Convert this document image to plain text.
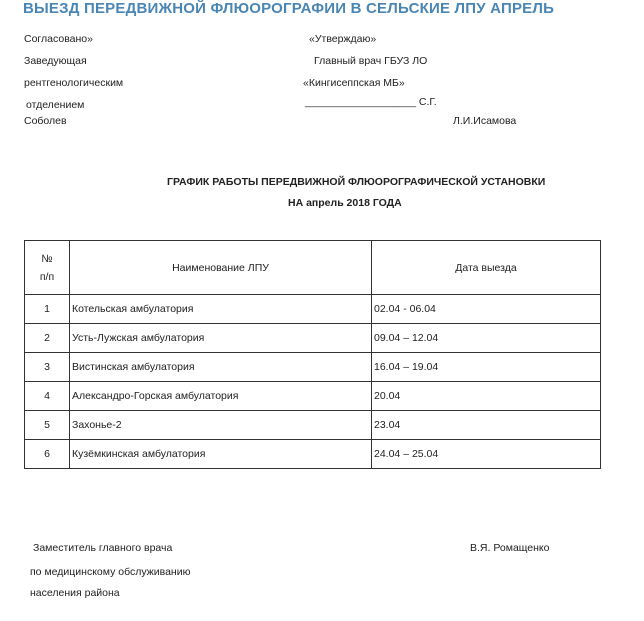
ВЫЕЗД ПЕРЕДВИЖНОЙ ФЛЮОРОГРАФИИ В СЕЛЬСКИЕ ЛПУ АПРЕЛЬ
Согласовано»
Заведующая
рентгенологическим
отделением
Соболев
«Утверждаю»
Главный врач ГБУЗ ЛО
«Кингисеппская МБ»
___________________ С.Г.
Л.И.Исамова
ГРАФИК РАБОТЫ ПЕРЕДВИЖНОЙ ФЛЮОРОГРАФИЧЕСКОЙ УСТАНОВКИ
НА апрель 2018 ГОДА
№
п/п	Наименование ЛПУ	Дата выезда
1	Котельская амбулатория	02.04 - 06.04
2	Усть-Лужская амбулатория	09.04 – 12.04
3	Вистинская амбулатория	16.04 – 19.04
4	Александро-Горская амбулатория	20.04
5	Захонье-2	23.04
6	Кузёмкинская амбулатория	24.04 – 25.04
Заместитель главного врача
по медицинскому обслуживанию
населения района
В.Я. Ромащенко
